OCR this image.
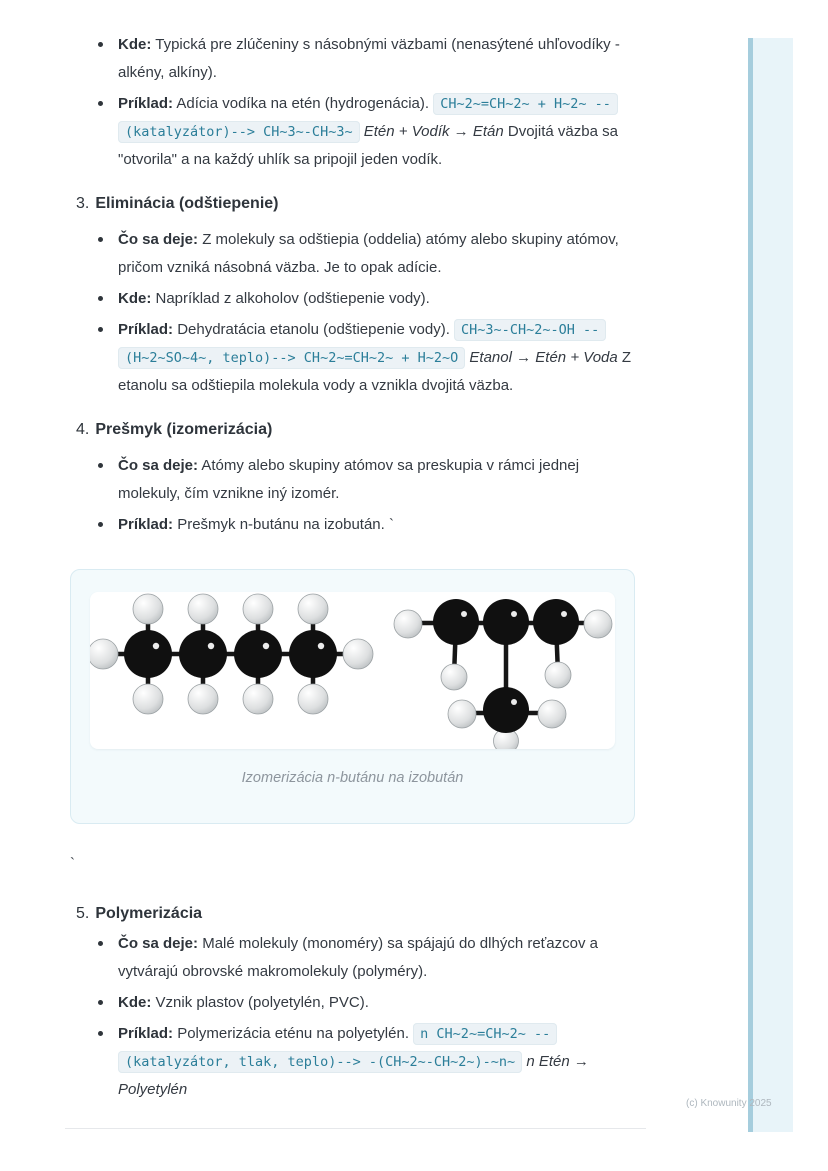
Kde: Typická pre zlúčeniny s násobnými väzbami (nenasýtené uhľovodíky - alkény, alkíny).

Príklad: Adícia vodíka na etén (hydrogenácia). CH~2~=CH~2~ + H~2~ --(katalyzátor)--> CH~3~-CH~3~ Etén + Vodík → Etán Dvojitá väzba sa "otvorila" a na každý uhlík sa pripojil jeden vodík.

3. Eliminácia (odštiepenie)

Čo sa deje: Z molekuly sa odštiepia (oddelia) atómy alebo skupiny atómov, pričom vzniká násobná väzba. Je to opak adície.

Kde: Napríklad z alkoholov (odštiepenie vody).

Príklad: Dehydratácia etanolu (odštiepenie vody). CH~3~-CH~2~-OH --(H~2~SO~4~, teplo)--> CH~2~=CH~2~ + H~2~O Etanol → Etén + Voda Z etanolu sa odštiepila molekula vody a vznikla dvojitá väzba.

4. Prešmyk (izomerizácia)

Čo sa deje: Atómy alebo skupiny atómov sa preskupia v rámci jednej molekuly, čím vznikne iný izomér.

Príklad: Prešmyk n-butánu na izobután. `

Izomerizácia n-butánu na izobután
`
5. Polymerizácia

Čo sa deje: Malé molekuly (monoméry) sa spájajú do dlhých reťazcov a vytvárajú obrovské makromolekuly (polyméry).

Kde: Vznik plastov (polyetylén, PVC).

Príklad: Polymerizácia eténu na polyetylén. n CH~2~=CH~2~ --(katalyzátor, tlak, teplo)--> -(CH~2~-CH~2~)-~n~ n Etén → Polyetylén

(c) Knowunity 2025
